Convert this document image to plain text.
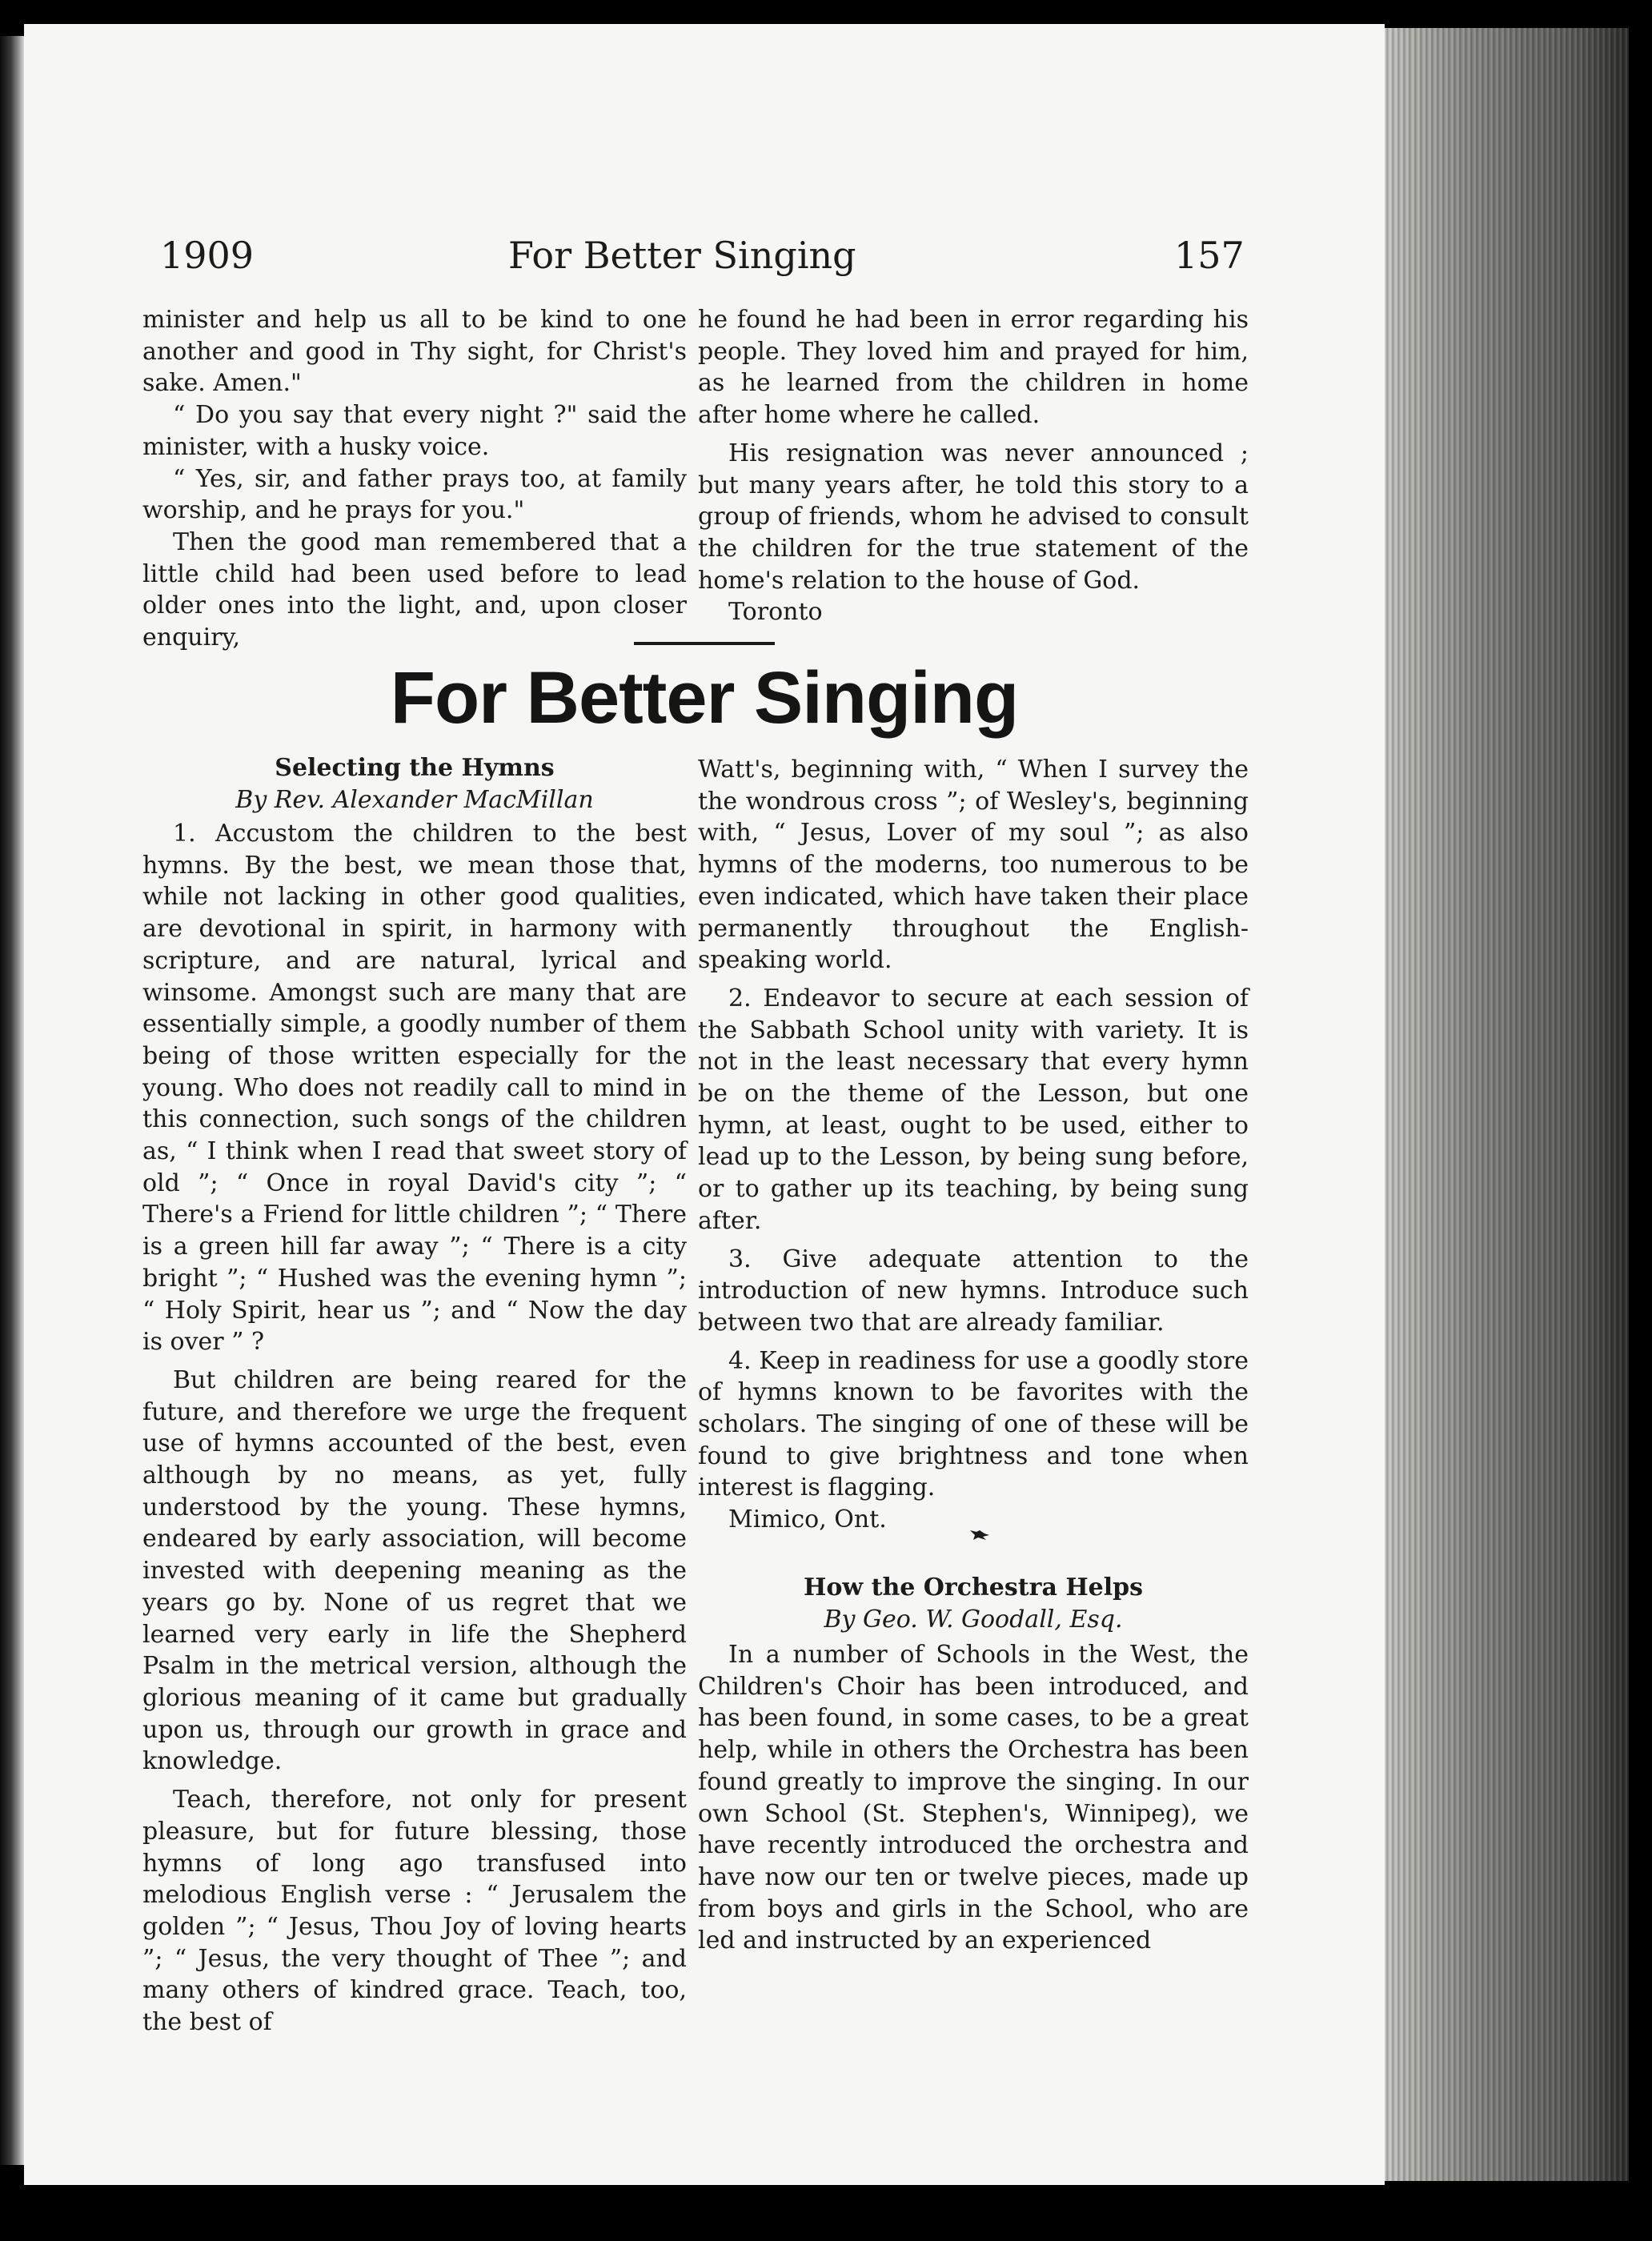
1909	For Better Singing	157

minister and help us all to be kind to one another and good in Thy sight, for Christ's sake. Amen."

“ Do you say that every night ?" said the minister, with a husky voice.

“ Yes, sir, and father prays too, at family worship, and he prays for you."

Then the good man remembered that a little child had been used before to lead older ones into the light, and, upon closer enquiry,

he found he had been in error regarding his people. They loved him and prayed for him, as he learned from the children in home after home where he called.

His resignation was never announced ; but many years after, he told this story to a group of friends, whom he advised to consult the children for the true statement of the home's relation to the house of God.

Toronto

For Better Singing

Selecting the Hymns

By Rev. Alexander MacMillan

1. Accustom the children to the best hymns. By the best, we mean those that, while not lacking in other good qualities, are devotional in spirit, in harmony with scripture, and are natural, lyrical and winsome. Amongst such are many that are essentially simple, a goodly number of them being of those written especially for the young. Who does not readily call to mind in this connection, such songs of the children as, “ I think when I read that sweet story of old ”; “ Once in royal David's city ”; “ There's a Friend for little children ”; “ There is a green hill far away ”; “ There is a city bright ”; “ Hushed was the evening hymn ”; “ Holy Spirit, hear us ”; and “ Now the day is over ” ?

But children are being reared for the future, and therefore we urge the frequent use of hymns accounted of the best, even although by no means, as yet, fully understood by the young. These hymns, endeared by early association, will become invested with deepening meaning as the years go by. None of us regret that we learned very early in life the Shepherd Psalm in the metrical version, although the glorious meaning of it came but gradually upon us, through our growth in grace and knowledge.

Teach, therefore, not only for present pleasure, but for future blessing, those hymns of long ago transfused into melodious English verse : “ Jerusalem the golden ”; “ Jesus, Thou Joy of loving hearts ”; “ Jesus, the very thought of Thee ”; and many others of kindred grace. Teach, too, the best of

Watt's, beginning with, “ When I survey the the wondrous cross ”; of Wesley's, beginning with, “ Jesus, Lover of my soul ”; as also hymns of the moderns, too numerous to be even indicated, which have taken their place permanently throughout the English-speaking world.

2. Endeavor to secure at each session of the Sabbath School unity with variety. It is not in the least necessary that every hymn be on the theme of the Lesson, but one hymn, at least, ought to be used, either to lead up to the Lesson, by being sung before, or to gather up its teaching, by being sung after.

3. Give adequate attention to the introduction of new hymns. Introduce such between two that are already familiar.

4. Keep in readiness for use a goodly store of hymns known to be favorites with the scholars. The singing of one of these will be found to give brightness and tone when interest is flagging.

Mimico, Ont.

How the Orchestra Helps

By Geo. W. Goodall, Esq.

In a number of Schools in the West, the Children's Choir has been introduced, and has been found, in some cases, to be a great help, while in others the Orchestra has been found greatly to improve the singing. In our own School (St. Stephen's, Winnipeg), we have recently introduced the orchestra and have now our ten or twelve pieces, made up from boys and girls in the School, who are led and instructed by an experienced
